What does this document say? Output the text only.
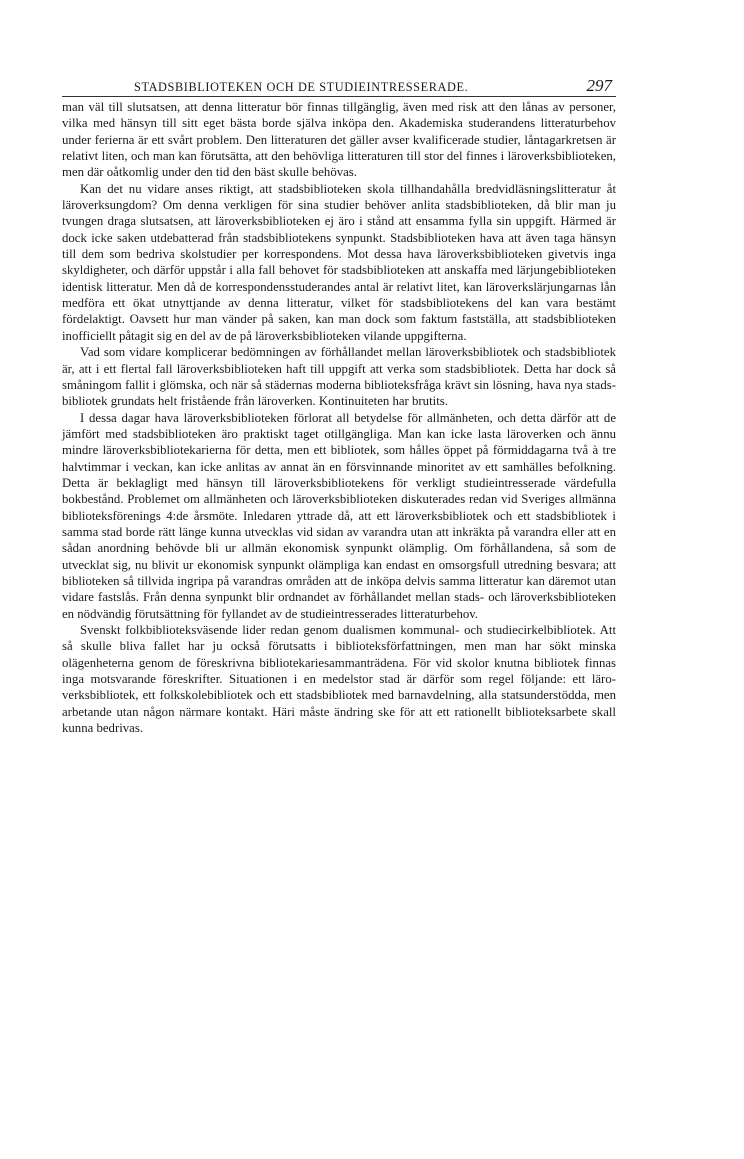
STADSBIBLIOTEKEN OCH DE STUDIEINTRESSERADE.	297

man väl till slutsatsen, att denna litteratur bör finnas tillgänglig, även med risk att den lånas av personer, vilka med hänsyn till sitt eget bästa borde själva inköpa den. Akademiska studerandens litteraturbehov under ferierna är ett svårt problem. Den litteraturen det gäller avser kvalificerade studier, låntagarkretsen är relativt liten, och man kan förutsätta, att den behövliga litteraturen till stor del finnes i läroverksbiblioteken, men där oåtkomlig under den tid den bäst skulle behövas.

Kan det nu vidare anses riktigt, att stadsbiblioteken skola tillhandahålla bredvidläsningslitteratur åt läroverksungdom? Om denna verkligen för sina studier behöver anlita stadsbiblioteken, då blir man ju tvungen draga slutsatsen, att läroverksbiblioteken ej äro i stånd att ensamma fylla sin uppgift. Härmed är dock icke saken utdebatterad från stadsbibliotekens synpunkt. Stadsbiblioteken hava att även taga hänsyn till dem som bedriva skolstudier per korrespondens. Mot dessa hava läroverksbiblioteken givetvis inga skyldigheter, och därför uppstår i alla fall behovet för stadsbiblioteken att anskaffa med lärjungebiblioteken identisk litteratur. Men då de korrespondensstuderandes antal är relativt litet, kan läroverkslärjungarnas lån medföra ett ökat utnyttjande av denna litteratur, vilket för stadsbibliotekens del kan vara bestämt fördelaktigt. Oavsett hur man vänder på saken, kan man dock som faktum fastställa, att stadsbiblioteken inofficiellt påtagit sig en del av de på läroverksbiblioteken vilande uppgifterna.

Vad som vidare komplicerar bedömningen av förhållandet mellan läroverksbibliotek och stadsbibliotek är, att i ett flertal fall läroverksbiblioteken haft till uppgift att verka som stadsbibliotek. Detta har dock så småningom fallit i glömska, och när så städernas moderna biblioteksfråga krävt sin lösning, hava nya stadsbibliotek grundats helt fristående från läroverken. Kontinuiteten har brutits.

I dessa dagar hava läroverksbiblioteken förlorat all betydelse för allmänheten, och detta därför att de jämfört med stadsbiblioteken äro praktiskt taget otillgängliga. Man kan icke lasta läroverken och ännu mindre läroverksbibliotekarierna för detta, men ett bibliotek, som hålles öppet på förmiddagarna två à tre halvtimmar i veckan, kan icke anlitas av annat än en försvinnande minoritet av ett samhälles befolkning. Detta är beklagligt med hänsyn till läroverksbibliotekens för verkligt studieintresserade värdefulla bokbestånd. Problemet om allmänheten och läroverksbiblioteken diskuterades redan vid Sveriges allmänna biblioteksförenings 4:de årsmöte. Inledaren yttrade då, att ett läroverksbibliotek och ett stadsbibliotek i samma stad borde rätt länge kunna utvecklas vid sidan av varandra utan att inkräkta på varandra eller att en sådan anordning behövde bli ur allmän ekonomisk synpunkt olämplig. Om förhållandena, så som de utvecklat sig, nu blivit ur ekonomisk synpunkt olämpliga kan endast en omsorgsfull utredning besvara; att biblioteken så tillvida ingripa på varandras områden att de inköpa delvis samma litteratur kan däremot utan vidare fastslås. Från denna synpunkt blir ordnandet av förhållandet mellan stads- och läroverksbiblioteken en nödvändig förutsättning för fyllandet av de studieintresserades litteraturbehov.

Svenskt folkbiblioteksväsende lider redan genom dualismen kommunal- och studiecirkelbibliotek. Att så skulle bliva fallet har ju också förutsatts i biblioteksförfattningen, men man har sökt minska olägenheterna genom de föreskrivna bibliotekariesammanträdena. För vid skolor knutna bibliotek finnas inga motsvarande föreskrifter. Situationen i en medelstor stad är därför som regel följande: ett läroverksbibliotek, ett folkskolebibliotek och ett stadsbibliotek med barnavdelning, alla statsunderstödda, men arbetande utan någon närmare kontakt. Häri måste ändring ske för att ett rationellt biblioteksarbete skall kunna bedrivas.
